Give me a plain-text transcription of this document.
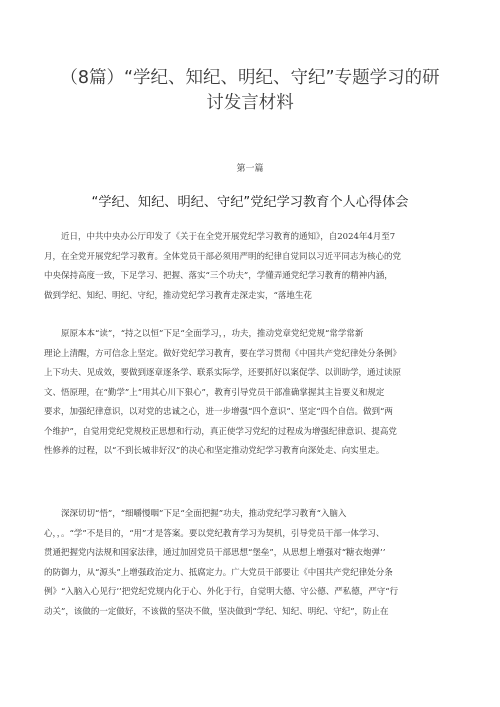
（8篇）“学纪、知纪、明纪、守纪”专题学习的研
讨发言材料
第一篇
“学纪、知纪、明纪、守纪”党纪学习教育个人心得体会
近日，中共中央办公厅印发了《关于在全党开展党纪学习教育的通知》，自2024年4月至7
月，在全党开展党纪学习教育。全体党员干部必须用严明的纪律自觉同以习近平同志为核心的党
中央保持高度一致，下足学习、把握、落实“三个功夫”，学懂弄通党纪学习教育的精神内涵，
做到学纪、知纪、明纪、守纪，推动党纪学习教育走深走实，“落地生花
原原本本“读”，“持之以恒”下足“全面学习，，功夫，推动党章党纪党规“常学常新
理论上清醒，方可信念上坚定。做好党纪学习教育，要在学习贯彻《中国共产党纪律处分条例》
上下功夫、见成效，要做到逐章逐条学、联系实际学，还要抓好以案促学、以训助学，通过读原
文、悟原理，在“勤学”上“用其心川下狠心”，教育引导党员干部准确掌握其主旨要义和规定
要求，加强纪律意识，以对党的忠诚之心，进一步增强“四个意识”、坚定“四个自信。做到“两
个维护”，自觉用党纪党规校正思想和行动，真正使学习党纪的过程成为增强纪律意识、提高党
性修养的过程，以“不到长城非好汉”的决心和坚定推动党纪学习教育向深处走、向实里走。
深深切切“悟”，“细嚼慢咽”下足“全面把握”功夫，推动党纪学习教育“入脑入
心，，。“学”不是目的，“用”才是答案。要以党纪教育学习为契机，引导党员干部一体学习、
贯通把握党内法规和国家法律，通过加固党员干部思想“堡垒”，从思想上增强对“糖衣炮弹’’
的防御力，从“源头”上增强政治定力、抵腐定力。广大党员干部要让《中国共产党纪律处分条
例》“入脑入心见行’’把党纪党规内化于心、外化于行，自觉明大德、守公德、严私德，严守“行
动关”，该做的一定做好，不该做的坚决不做，坚决做到“学纪、知纪、明纪、守纪”，防止在
